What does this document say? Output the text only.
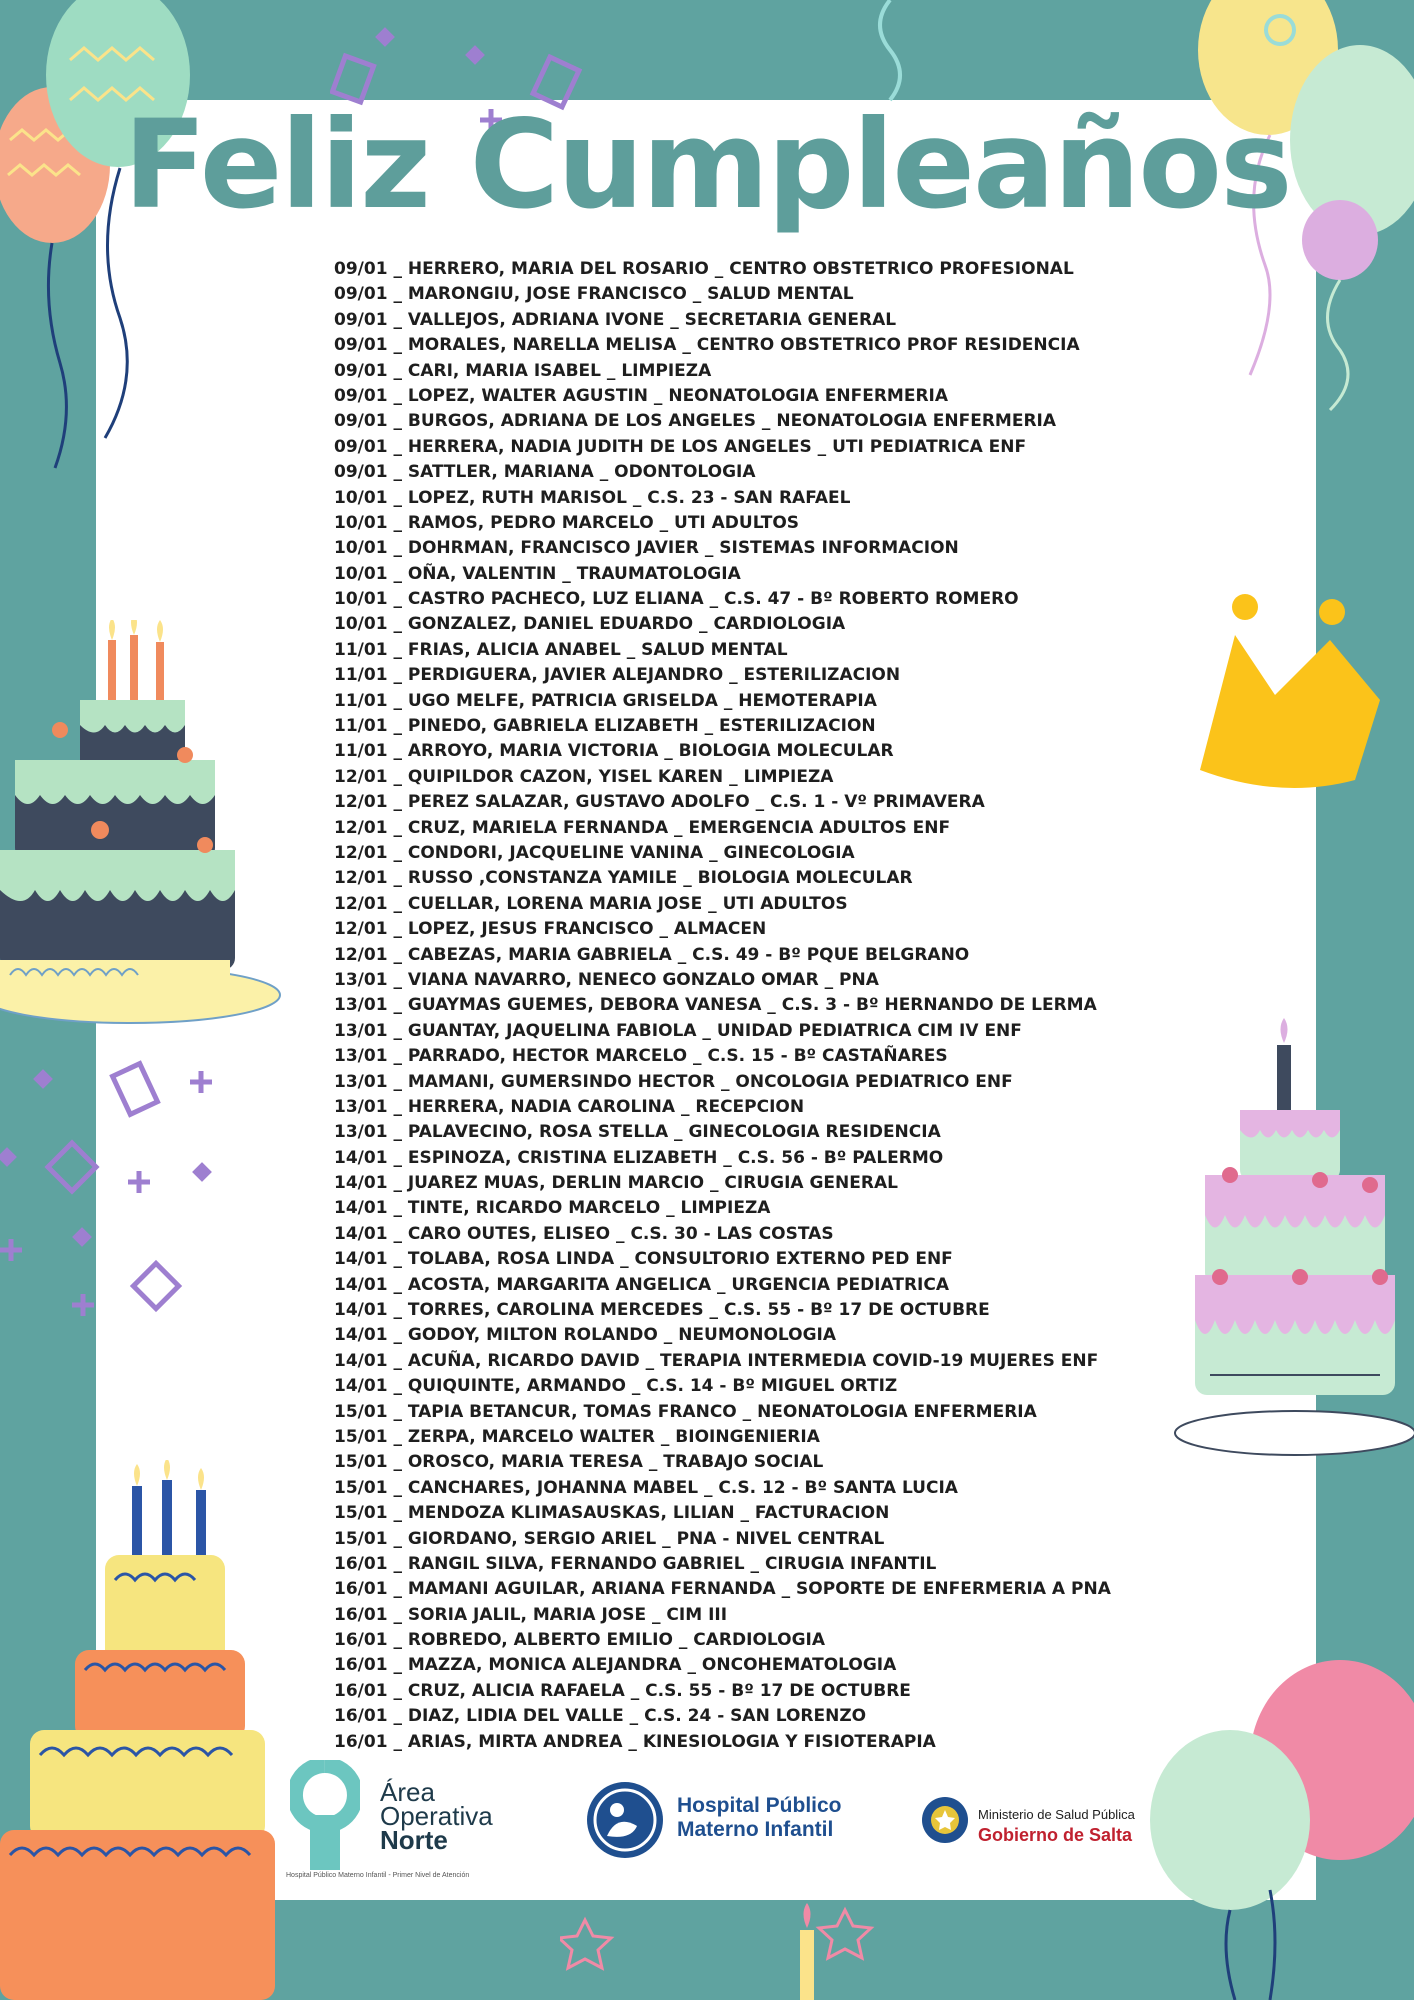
Feliz Cumpleaños
09/01 _ HERRERO, MARIA DEL ROSARIO _ CENTRO OBSTETRICO PROFESIONAL
09/01 _ MARONGIU, JOSE FRANCISCO _ SALUD MENTAL
09/01 _ VALLEJOS, ADRIANA IVONE _ SECRETARIA GENERAL
09/01 _ MORALES, NARELLA MELISA _ CENTRO OBSTETRICO PROF RESIDENCIA
09/01 _ CARI, MARIA ISABEL _ LIMPIEZA
09/01 _ LOPEZ, WALTER AGUSTIN _ NEONATOLOGIA ENFERMERIA
09/01 _ BURGOS, ADRIANA DE LOS ANGELES _ NEONATOLOGIA ENFERMERIA
09/01 _ HERRERA, NADIA JUDITH DE LOS ANGELES _ UTI PEDIATRICA ENF
09/01 _ SATTLER, MARIANA _ ODONTOLOGIA
10/01 _ LOPEZ, RUTH MARISOL _ C.S. 23 - SAN RAFAEL
10/01 _ RAMOS, PEDRO MARCELO _ UTI ADULTOS
10/01 _ DOHRMAN, FRANCISCO JAVIER _ SISTEMAS INFORMACION
10/01 _ OÑA, VALENTIN _ TRAUMATOLOGIA
10/01 _ CASTRO PACHECO, LUZ ELIANA _ C.S. 47 - Bº ROBERTO ROMERO
10/01 _ GONZALEZ, DANIEL EDUARDO _ CARDIOLOGIA
11/01 _ FRIAS, ALICIA ANABEL _ SALUD MENTAL
11/01 _ PERDIGUERA, JAVIER ALEJANDRO _ ESTERILIZACION
11/01 _ UGO MELFE, PATRICIA GRISELDA _ HEMOTERAPIA
11/01 _ PINEDO, GABRIELA ELIZABETH _ ESTERILIZACION
11/01 _ ARROYO, MARIA VICTORIA _ BIOLOGIA MOLECULAR
12/01 _ QUIPILDOR CAZON, YISEL KAREN _ LIMPIEZA
12/01 _ PEREZ SALAZAR, GUSTAVO ADOLFO _ C.S. 1 - Vº PRIMAVERA
12/01 _ CRUZ, MARIELA FERNANDA _ EMERGENCIA ADULTOS ENF
12/01 _ CONDORI, JACQUELINE VANINA _ GINECOLOGIA
12/01 _ RUSSO ,CONSTANZA YAMILE _ BIOLOGIA MOLECULAR
12/01 _ CUELLAR, LORENA MARIA JOSE _ UTI ADULTOS
12/01 _ LOPEZ, JESUS FRANCISCO _ ALMACEN
12/01 _ CABEZAS, MARIA GABRIELA _ C.S. 49 - Bº PQUE BELGRANO
13/01 _ VIANA NAVARRO, NENECO GONZALO OMAR _ PNA
13/01 _ GUAYMAS GUEMES, DEBORA VANESA _ C.S. 3 - Bº HERNANDO DE LERMA
13/01 _ GUANTAY, JAQUELINA FABIOLA _ UNIDAD PEDIATRICA CIM IV ENF
13/01 _ PARRADO, HECTOR MARCELO _ C.S. 15 - Bº CASTAÑARES
13/01 _ MAMANI, GUMERSINDO HECTOR _ ONCOLOGIA PEDIATRICO ENF
13/01 _ HERRERA, NADIA CAROLINA _ RECEPCION
13/01 _ PALAVECINO, ROSA STELLA _ GINECOLOGIA RESIDENCIA
14/01 _ ESPINOZA, CRISTINA ELIZABETH _ C.S. 56 - Bº PALERMO
14/01 _ JUAREZ MUAS, DERLIN MARCIO _ CIRUGIA GENERAL
14/01 _ TINTE, RICARDO MARCELO _ LIMPIEZA
14/01 _ CARO OUTES, ELISEO _ C.S. 30 - LAS COSTAS
14/01 _ TOLABA, ROSA LINDA _ CONSULTORIO EXTERNO PED ENF
14/01 _ ACOSTA, MARGARITA ANGELICA _ URGENCIA PEDIATRICA
14/01 _ TORRES, CAROLINA MERCEDES _ C.S. 55 - Bº 17 DE OCTUBRE
14/01 _ GODOY, MILTON ROLANDO _ NEUMONOLOGIA
14/01 _ ACUÑA, RICARDO DAVID _ TERAPIA INTERMEDIA COVID-19 MUJERES ENF
14/01 _ QUIQUINTE, ARMANDO _ C.S. 14 - Bº MIGUEL ORTIZ
15/01 _ TAPIA BETANCUR, TOMAS FRANCO _ NEONATOLOGIA ENFERMERIA
15/01 _ ZERPA, MARCELO WALTER _ BIOINGENIERIA
15/01 _ OROSCO, MARIA TERESA _ TRABAJO SOCIAL
15/01 _ CANCHARES, JOHANNA MABEL _ C.S. 12 - Bº SANTA LUCIA
15/01 _ MENDOZA KLIMASAUSKAS, LILIAN _ FACTURACION
15/01 _ GIORDANO, SERGIO ARIEL _ PNA - NIVEL CENTRAL
16/01 _ RANGIL SILVA, FERNANDO GABRIEL _ CIRUGIA INFANTIL
16/01 _ MAMANI AGUILAR, ARIANA FERNANDA _ SOPORTE DE ENFERMERIA A PNA
16/01 _ SORIA JALIL, MARIA JOSE _ CIM III
16/01 _ ROBREDO, ALBERTO EMILIO _ CARDIOLOGIA
16/01 _ MAZZA, MONICA ALEJANDRA _ ONCOHEMATOLOGIA
16/01 _ CRUZ, ALICIA RAFAELA _ C.S. 55 - Bº 17 DE OCTUBRE
16/01 _ DIAZ, LIDIA DEL VALLE _ C.S. 24 - SAN LORENZO
16/01 _ ARIAS, MIRTA ANDREA _ KINESIOLOGIA Y FISIOTERAPIA
Área
Operativa
Norte
Hospital Público Materno Infantil - Primer Nivel de Atención
Hospital Público
Materno Infantil
Ministerio de Salud Pública
Gobierno de Salta
